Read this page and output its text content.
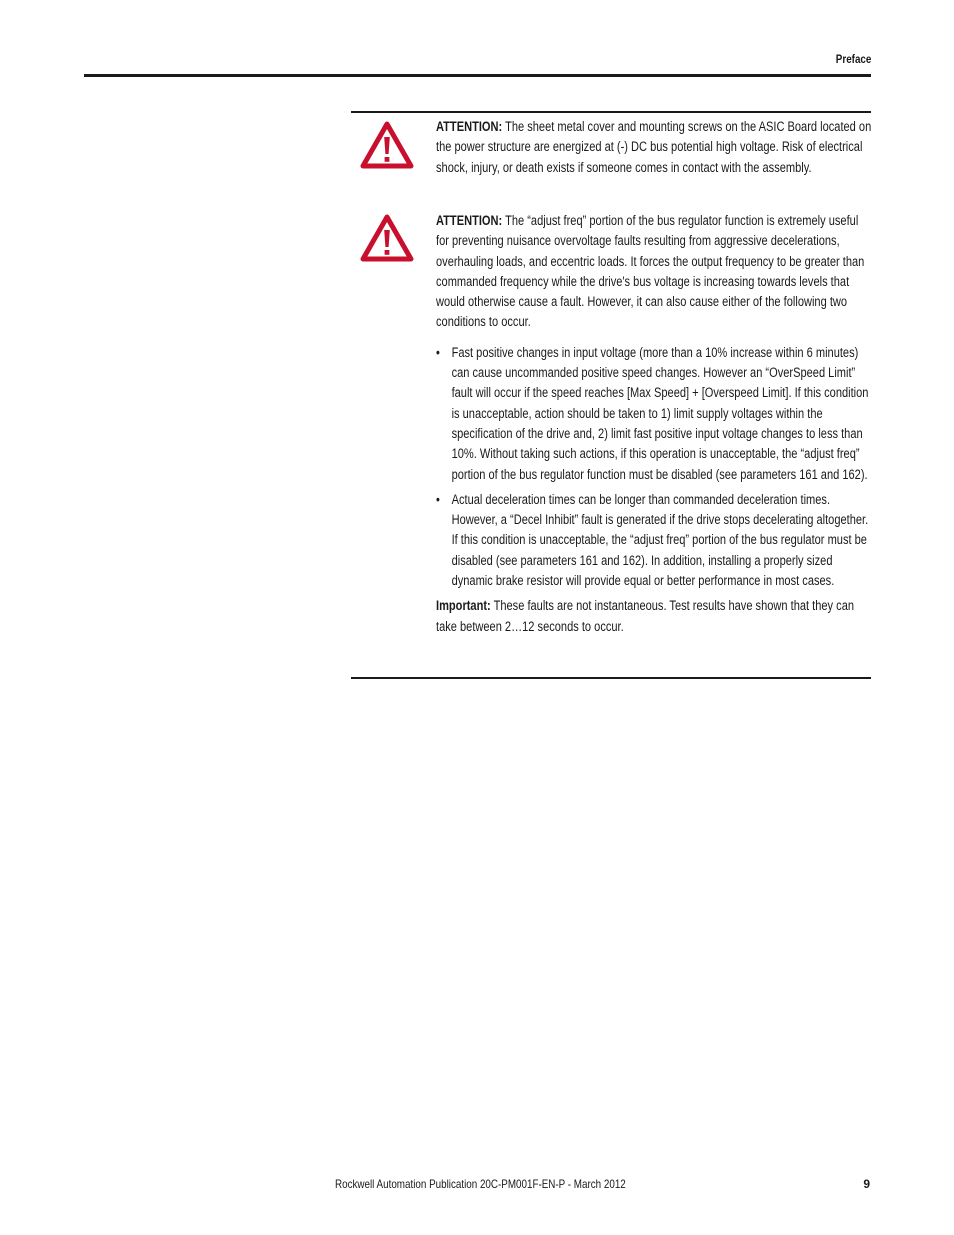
Preface

ATTENTION: The sheet metal cover and mounting screws on the ASIC Board located on the power structure are energized at (-) DC bus potential high voltage. Risk of electrical shock, injury, or death exists if someone comes in contact with the assembly.

ATTENTION: The “adjust freq” portion of the bus regulator function is extremely useful for preventing nuisance overvoltage faults resulting from aggressive decelerations, overhauling loads, and eccentric loads. It forces the output frequency to be greater than commanded frequency while the drive's bus voltage is increasing towards levels that would otherwise cause a fault. However, it can also cause either of the following two conditions to occur.

• Fast positive changes in input voltage (more than a 10% increase within 6 minutes) can cause uncommanded positive speed changes. However an “OverSpeed Limit” fault will occur if the speed reaches [Max Speed] + [Overspeed Limit]. If this condition is unacceptable, action should be taken to 1) limit supply voltages within the specification of the drive and, 2) limit fast positive input voltage changes to less than 10%. Without taking such actions, if this operation is unacceptable, the “adjust freq” portion of the bus regulator function must be disabled (see parameters 161 and 162).
• Actual deceleration times can be longer than commanded deceleration times. However, a “Decel Inhibit” fault is generated if the drive stops decelerating altogether. If this condition is unacceptable, the “adjust freq” portion of the bus regulator must be disabled (see parameters 161 and 162). In addition, installing a properly sized dynamic brake resistor will provide equal or better performance in most cases.

Important: These faults are not instantaneous. Test results have shown that they can take between 2…12 seconds to occur.

Rockwell Automation Publication 20C-PM001F-EN-P - March 2012	9
